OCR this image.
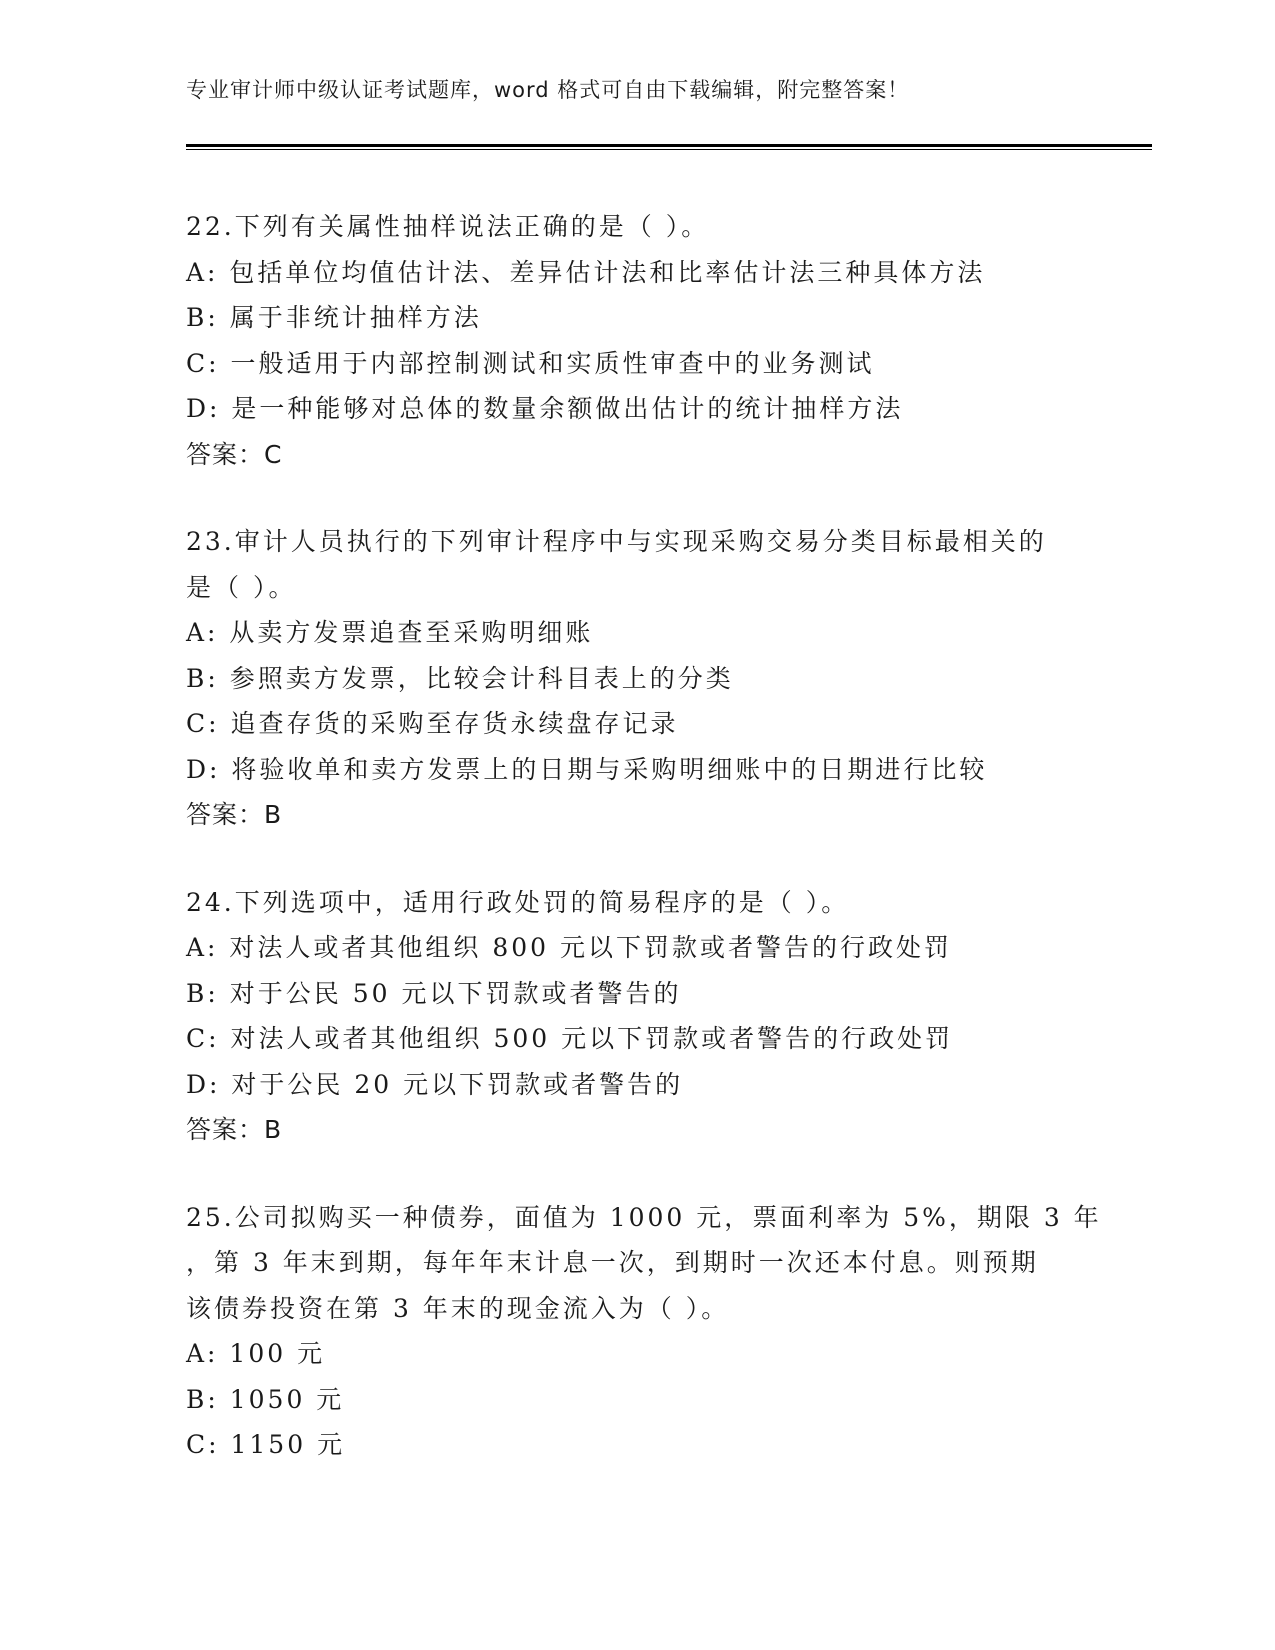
专业审计师中级认证考试题库，word 格式可自由下载编辑，附完整答案！
22.下列有关属性抽样说法正确的是（ ）。
A: 包括单位均值估计法、差异估计法和比率估计法三种具体方法
B: 属于非统计抽样方法
C: 一般适用于内部控制测试和实质性审查中的业务测试
D: 是一种能够对总体的数量余额做出估计的统计抽样方法
答案：C
23.审计人员执行的下列审计程序中与实现采购交易分类目标最相关的
是（ ）。
A: 从卖方发票追查至采购明细账
B: 参照卖方发票，比较会计科目表上的分类
C: 追查存货的采购至存货永续盘存记录
D: 将验收单和卖方发票上的日期与采购明细账中的日期进行比较
答案：B
24.下列选项中，适用行政处罚的简易程序的是（ ）。
A: 对法人或者其他组织 800 元以下罚款或者警告的行政处罚
B: 对于公民 50 元以下罚款或者警告的
C: 对法人或者其他组织 500 元以下罚款或者警告的行政处罚
D: 对于公民 20 元以下罚款或者警告的
答案：B
25.公司拟购买一种债券，面值为 1000 元，票面利率为 5%，期限 3 年
，第 3 年末到期，每年年末计息一次，到期时一次还本付息。则预期
该债券投资在第 3 年末的现金流入为（ ）。
A: 100 元
B: 1050 元
C: 1150 元
